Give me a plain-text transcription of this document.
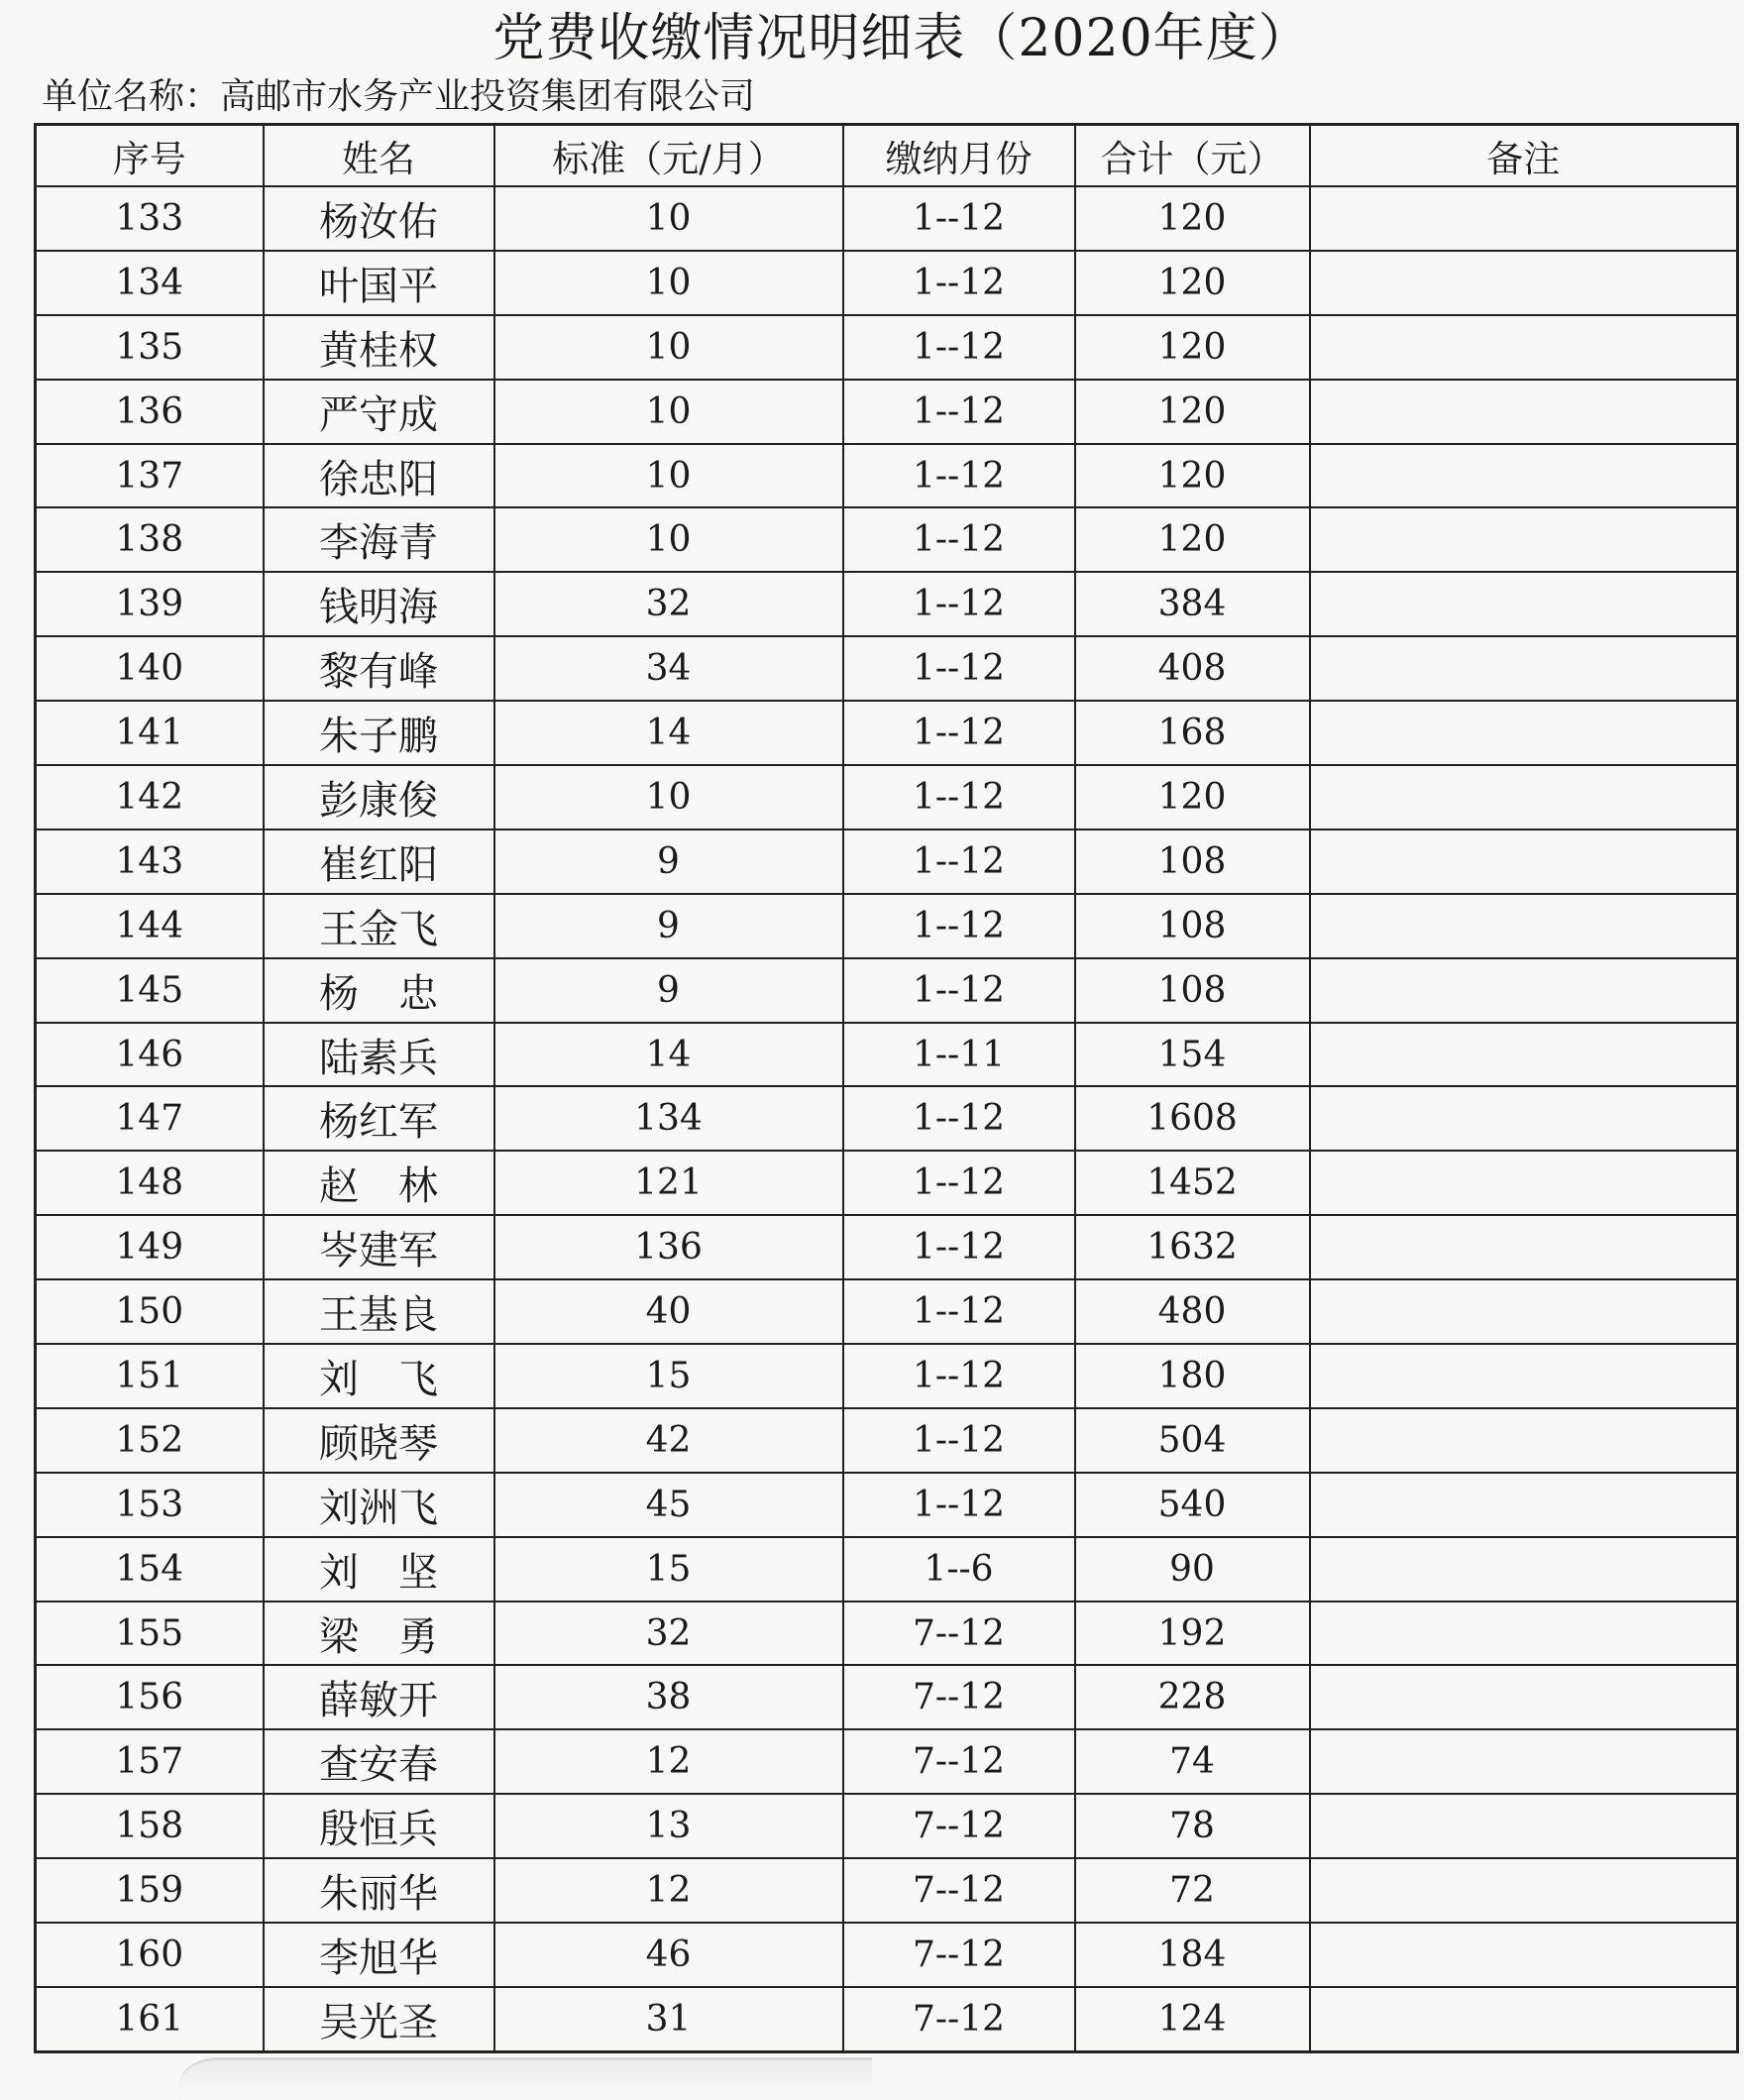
党费收缴情况明细表（2020年度）
单位名称：高邮市水务产业投资集团有限公司
序号	姓名	标准（元/月）	缴纳月份	合计（元）	备注
133	杨汝佑	10	1--12	120	
134	叶国平	10	1--12	120	
135	黄桂权	10	1--12	120	
136	严守成	10	1--12	120	
137	徐忠阳	10	1--12	120	
138	李海青	10	1--12	120	
139	钱明海	32	1--12	384	
140	黎有峰	34	1--12	408	
141	朱子鹏	14	1--12	168	
142	彭康俊	10	1--12	120	
143	崔红阳	9	1--12	108	
144	王金飞	9	1--12	108	
145	杨　忠	9	1--12	108	
146	陆素兵	14	1--11	154	
147	杨红军	134	1--12	1608	
148	赵　林	121	1--12	1452	
149	岑建军	136	1--12	1632	
150	王基良	40	1--12	480	
151	刘　飞	15	1--12	180	
152	顾晓琴	42	1--12	504	
153	刘洲飞	45	1--12	540	
154	刘　坚	15	1--6	90	
155	梁　勇	32	7--12	192	
156	薛敏开	38	7--12	228	
157	查安春	12	7--12	74	
158	殷恒兵	13	7--12	78	
159	朱丽华	12	7--12	72	
160	李旭华	46	7--12	184	
161	吴光圣	31	7--12	124	
